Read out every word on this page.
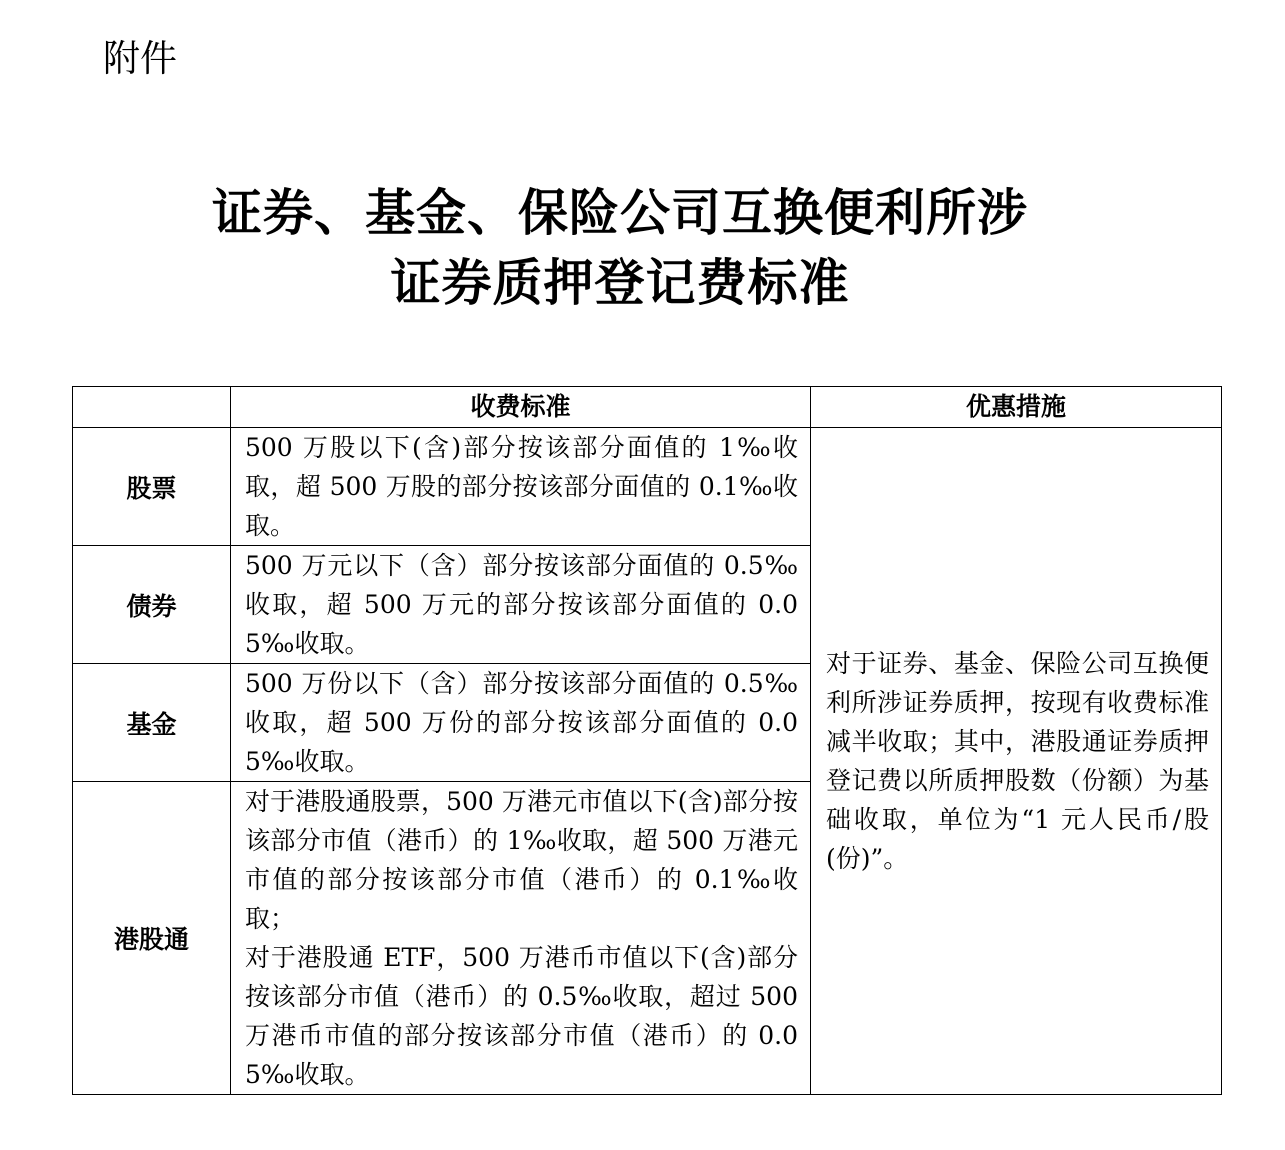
附件
证券、基金、保险公司互换便利所涉
证券质押登记费标准
	收费标准	优惠措施
股票	500 万股以下(含)部分按该部分面值的 1‰收取，超 500 万股的部分按该部分面值的 0.1‰收取。	对于证券、基金、保险公司互换便利所涉证券质押，按现有收费标准减半收取；其中，港股通证券质押登记费以所质押股数（份额）为基础收取，单位为“1 元人民币/股(份)”。
债券	500 万元以下（含）部分按该部分面值的 0.5‰收取，超 500 万元的部分按该部分面值的 0.05‰收取。	

基金	500 万份以下（含）部分按该部分面值的 0.5‰收取，超 500 万份的部分按该部分面值的 0.05‰收取。	

港股通	对于港股通股票，500 万港元市值以下(含)部分按该部分市值（港币）的 1‰收取，超 500 万港元市值的部分按该部分市值（港币）的 0.1‰收取；

对于港股通 ETF，500 万港币市值以下(含)部分按该部分市值（港币）的 0.5‰收取，超过 500 万港币市值的部分按该部分市值（港币）的 0.05‰收取。	
